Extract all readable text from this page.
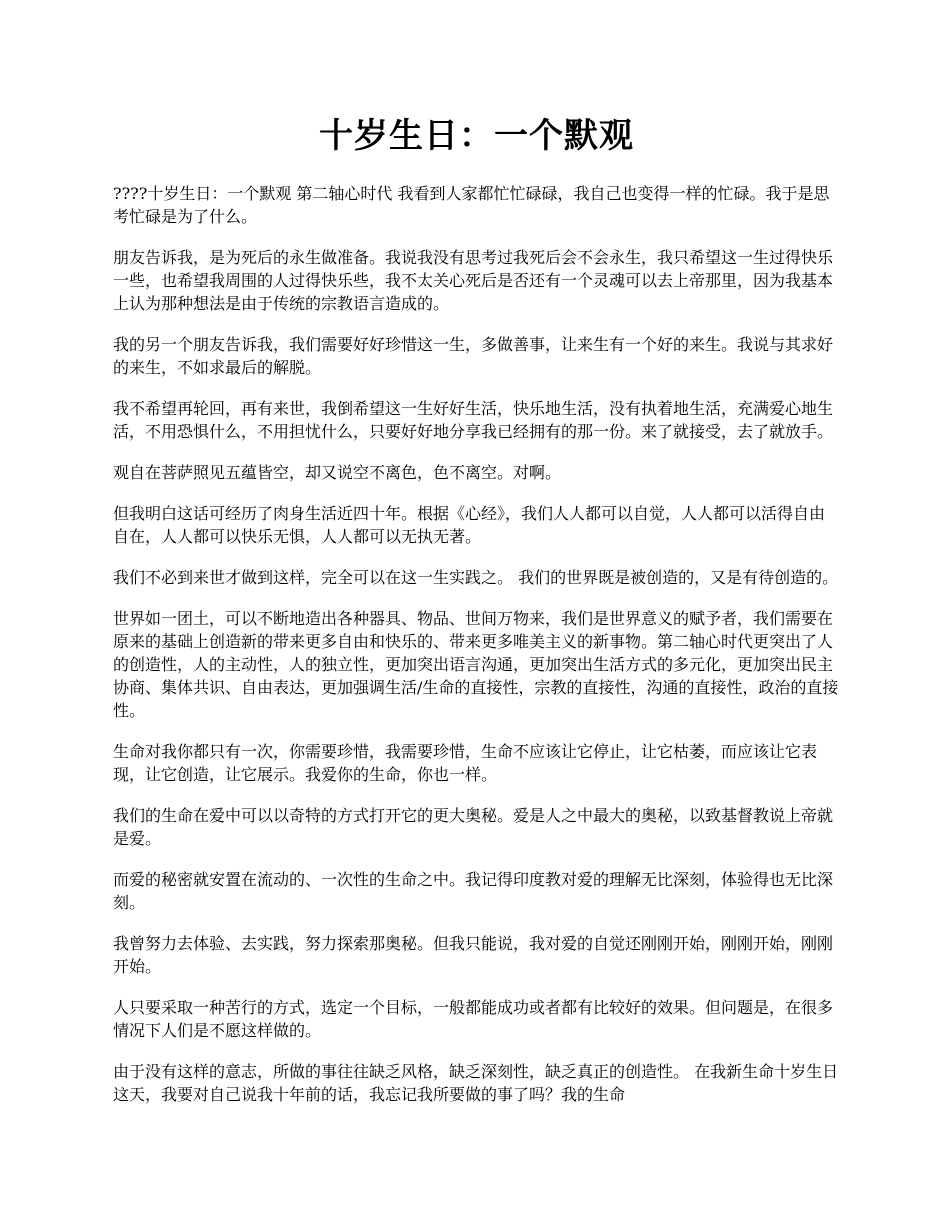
十岁生日：一个默观

????十岁生日：一个默观 第二轴心时代 我看到人家都忙忙碌碌，我自己也变得一样的忙碌。我于是思考忙碌是为了什么。

朋友告诉我，是为死后的永生做准备。我说我没有思考过我死后会不会永生，我只希望这一生过得快乐一些，也希望我周围的人过得快乐些，我不太关心死后是否还有一个灵魂可以去上帝那里，因为我基本上认为那种想法是由于传统的宗教语言造成的。

我的另一个朋友告诉我，我们需要好好珍惜这一生，多做善事，让来生有一个好的来生。我说与其求好的来生，不如求最后的解脱。

我不希望再轮回，再有来世，我倒希望这一生好好生活，快乐地生活，没有执着地生活，充满爱心地生活，不用恐惧什么，不用担忧什么，只要好好地分享我已经拥有的那一份。来了就接受，去了就放手。

观自在菩萨照见五蕴皆空，却又说空不离色，色不离空。对啊。

但我明白这话可经历了肉身生活近四十年。根据《心经》，我们人人都可以自觉，人人都可以活得自由自在，人人都可以快乐无惧，人人都可以无执无著。

我们不必到来世才做到这样，完全可以在这一生实践之。 我们的世界既是被创造的，又是有待创造的。

世界如一团土，可以不断地造出各种器具、物品、世间万物来，我们是世界意义的赋予者，我们需要在原来的基础上创造新的带来更多自由和快乐的、带来更多唯美主义的新事物。第二轴心时代更突出了人的创造性，人的主动性，人的独立性，更加突出语言沟通，更加突出生活方式的多元化，更加突出民主协商、集体共识、自由表达，更加强调生活/生命的直接性，宗教的直接性，沟通的直接性，政治的直接性。

生命对我你都只有一次，你需要珍惜，我需要珍惜，生命不应该让它停止，让它枯萎，而应该让它表现，让它创造，让它展示。我爱你的生命，你也一样。

我们的生命在爱中可以以奇特的方式打开它的更大奥秘。爱是人之中最大的奥秘，以致基督教说上帝就是爱。

而爱的秘密就安置在流动的、一次性的生命之中。我记得印度教对爱的理解无比深刻，体验得也无比深刻。

我曾努力去体验、去实践，努力探索那奥秘。但我只能说，我对爱的自觉还刚刚开始，刚刚开始，刚刚开始。

人只要采取一种苦行的方式，选定一个目标，一般都能成功或者都有比较好的效果。但问题是，在很多情况下人们是不愿这样做的。

由于没有这样的意志，所做的事往往缺乏风格，缺乏深刻性，缺乏真正的创造性。 在我新生命十岁生日这天，我要对自己说我十年前的话，我忘记我所要做的事了吗？我的生命
